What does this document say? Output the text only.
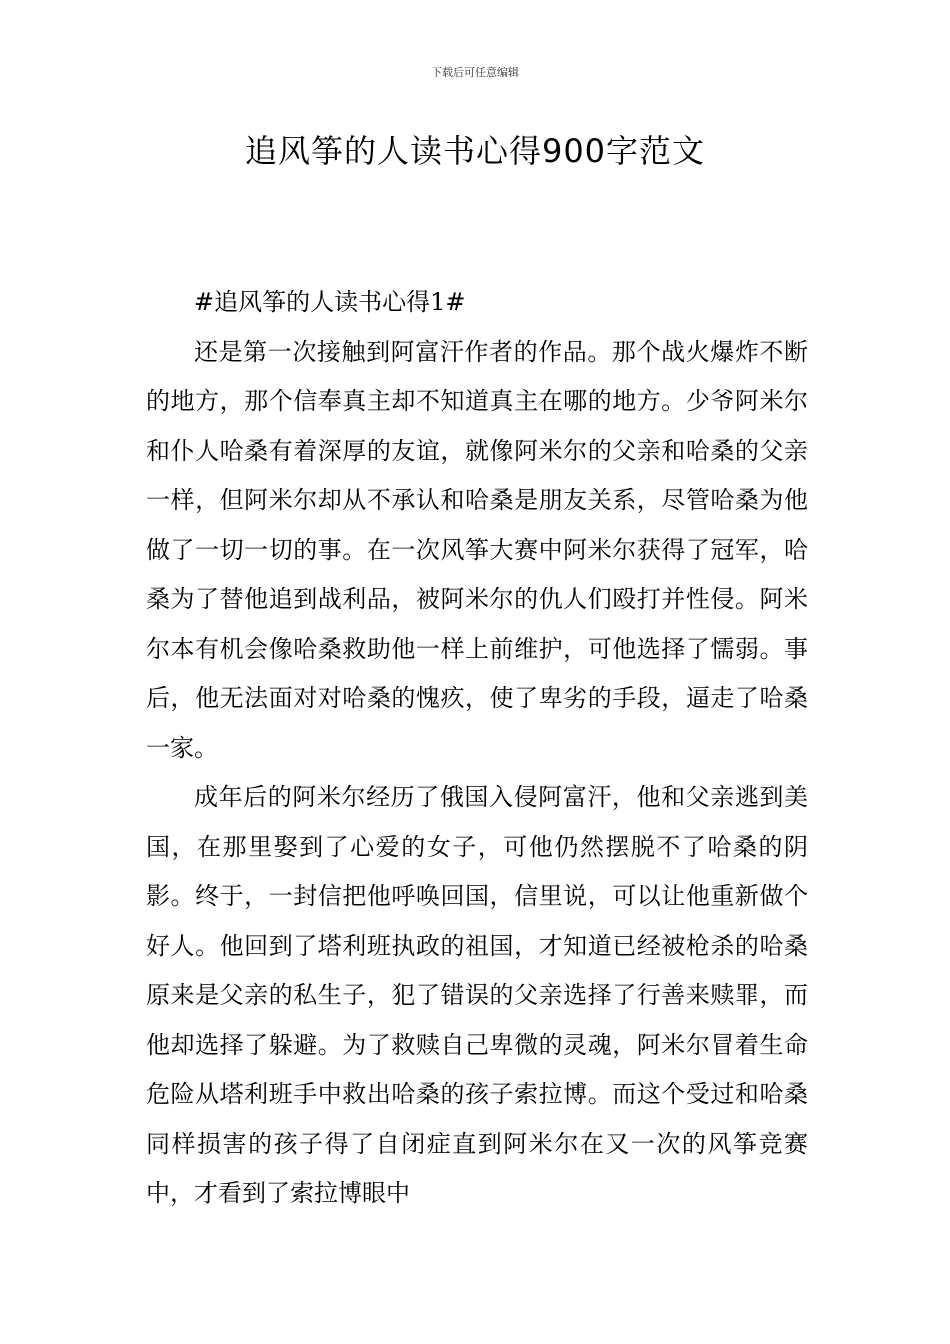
下载后可任意编辑
追风筝的人读书心得900字范文

#追风筝的人读书心得1#

还是第一次接触到阿富汗作者的作品。那个战火爆炸不断的地方，那个信奉真主却不知道真主在哪的地方。少爷阿米尔和仆人哈桑有着深厚的友谊，就像阿米尔的父亲和哈桑的父亲一样，但阿米尔却从不承认和哈桑是朋友关系，尽管哈桑为他做了一切一切的事。在一次风筝大赛中阿米尔获得了冠军，哈桑为了替他追到战利品，被阿米尔的仇人们殴打并性侵。阿米尔本有机会像哈桑救助他一样上前维护，可他选择了懦弱。事后，他无法面对对哈桑的愧疚，使了卑劣的手段，逼走了哈桑一家。

成年后的阿米尔经历了俄国入侵阿富汗，他和父亲逃到美国，在那里娶到了心爱的女子，可他仍然摆脱不了哈桑的阴影。终于，一封信把他呼唤回国，信里说，可以让他重新做个好人。他回到了塔利班执政的祖国，才知道已经被枪杀的哈桑原来是父亲的私生子，犯了错误的父亲选择了行善来赎罪，而他却选择了躲避。为了救赎自己卑微的灵魂，阿米尔冒着生命危险从塔利班手中救出哈桑的孩子索拉博。而这个受过和哈桑同样损害的孩子得了自闭症直到阿米尔在又一次的风筝竞赛中，才看到了索拉博眼中
